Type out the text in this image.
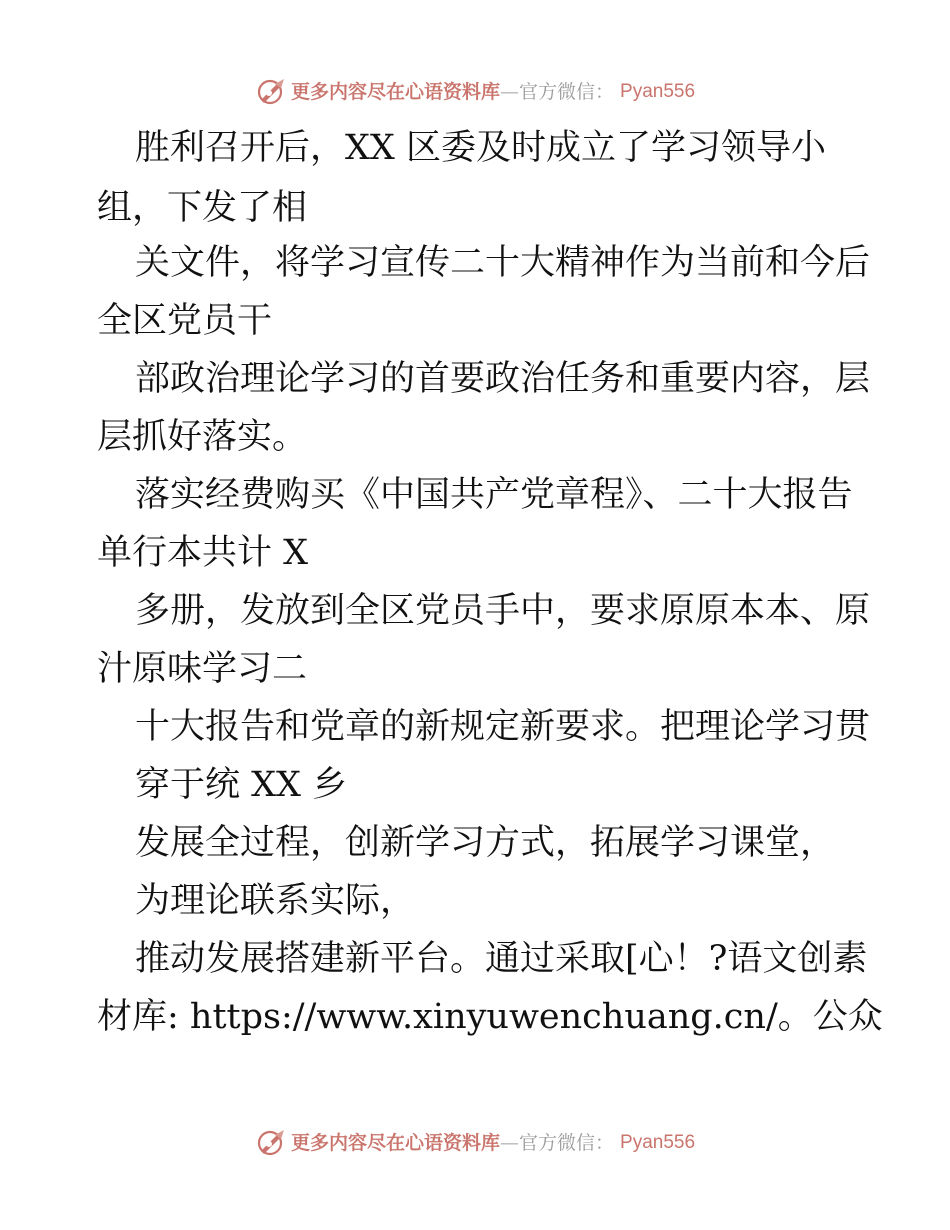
更多内容尽在心语资料库 — 官方微信 ： Pyan556
胜利召开后，XX 区委及时成立了学习领导小
组，下发了相
关文件，将学习宣传二十大精神作为当前和今后
全区党员干
部政治理论学习的首要政治任务和重要内容，层
层抓好落实。
落实经费购买《中国共产党章程》、二十大报告
单行本共计 X
多册，发放到全区党员手中，要求原原本本、原
汁原味学习二
十大报告和党章的新规定新要求。把理论学习贯
穿于统 XX 乡
发展全过程，创新学习方式，拓展学习课堂，
为理论联系实际，
推动发展搭建新平台。通过采取[心！?语文创素
材库: https://www.xinyuwenchuang.cn/。公众
更多内容尽在心语资料库 — 官方微信 ： Pyan556
